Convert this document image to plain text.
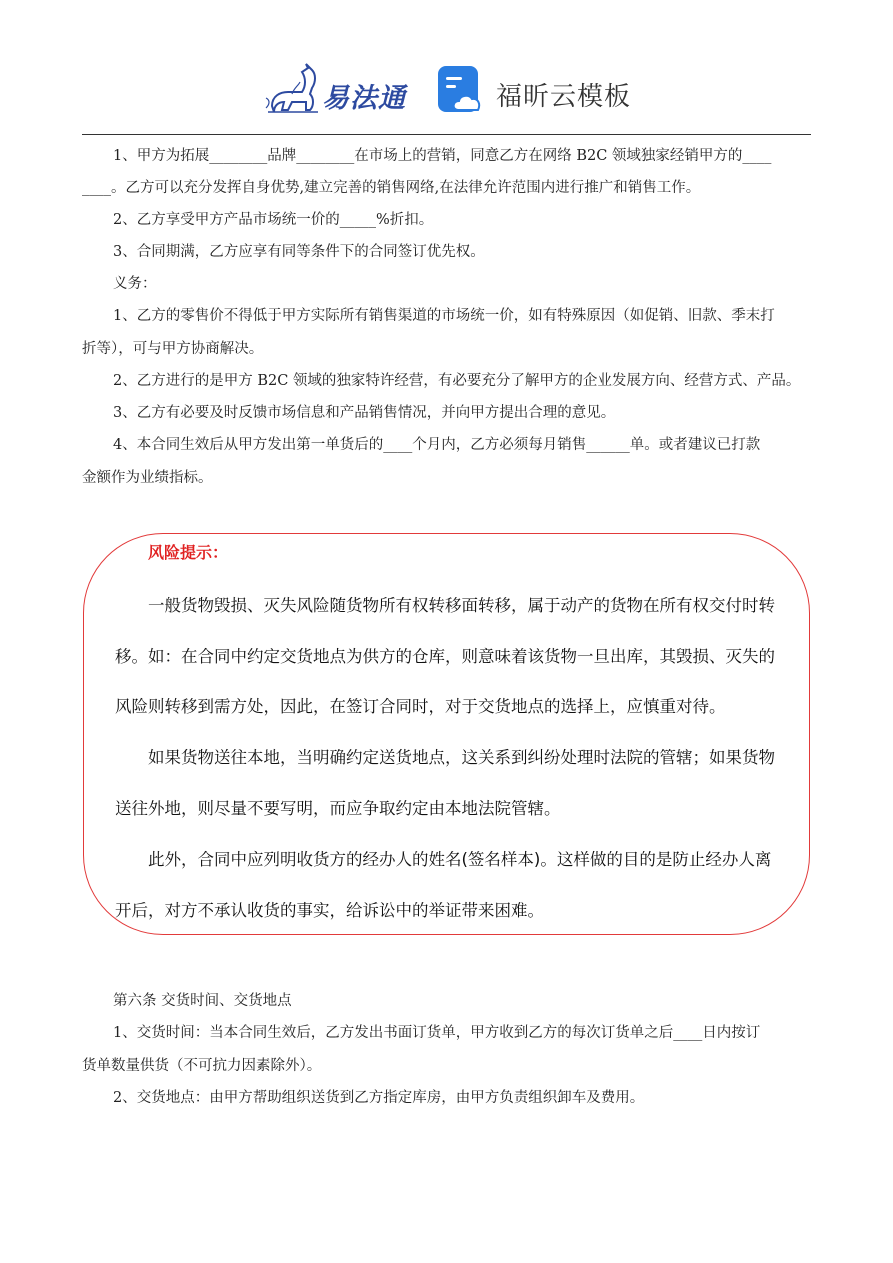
易法通	福昕云模板
1、甲方为拓展________品牌________在市场上的营销，同意乙方在网络 B2C 领域独家经销甲方的____
____。乙方可以充分发挥自身优势,建立完善的销售网络,在法律允许范围内进行推广和销售工作。
2、乙方享受甲方产品市场统一价的_____%折扣。
3、合同期满，乙方应享有同等条件下的合同签订优先权。
义务：
1、乙方的零售价不得低于甲方实际所有销售渠道的市场统一价，如有特殊原因（如促销、旧款、季末打
折等），可与甲方协商解决。
2、乙方进行的是甲方 B2C 领域的独家特许经营，有必要充分了解甲方的企业发展方向、经营方式、产品。
3、乙方有必要及时反馈市场信息和产品销售情况，并向甲方提出合理的意见。
4、本合同生效后从甲方发出第一单货后的____个月内，乙方必须每月销售______单。或者建议已打款
金额作为业绩指标。
风险提示：
一般货物毁损、灭失风险随货物所有权转移面转移，属于动产的货物在所有权交付时转
移。如：在合同中约定交货地点为供方的仓库，则意味着该货物一旦出库，其毁损、灭失的
风险则转移到需方处，因此，在签订合同时，对于交货地点的选择上，应慎重对待。
如果货物送往本地，当明确约定送货地点，这关系到纠纷处理时法院的管辖；如果货物
送往外地，则尽量不要写明，而应争取约定由本地法院管辖。
此外，合同中应列明收货方的经办人的姓名(签名样本)。这样做的目的是防止经办人离
开后，对方不承认收货的事实，给诉讼中的举证带来困难。
第六条 交货时间、交货地点
1、交货时间：当本合同生效后，乙方发出书面订货单，甲方收到乙方的每次订货单之后____日内按订
货单数量供货（不可抗力因素除外）。
2、交货地点：由甲方帮助组织送货到乙方指定库房，由甲方负责组织卸车及费用。
